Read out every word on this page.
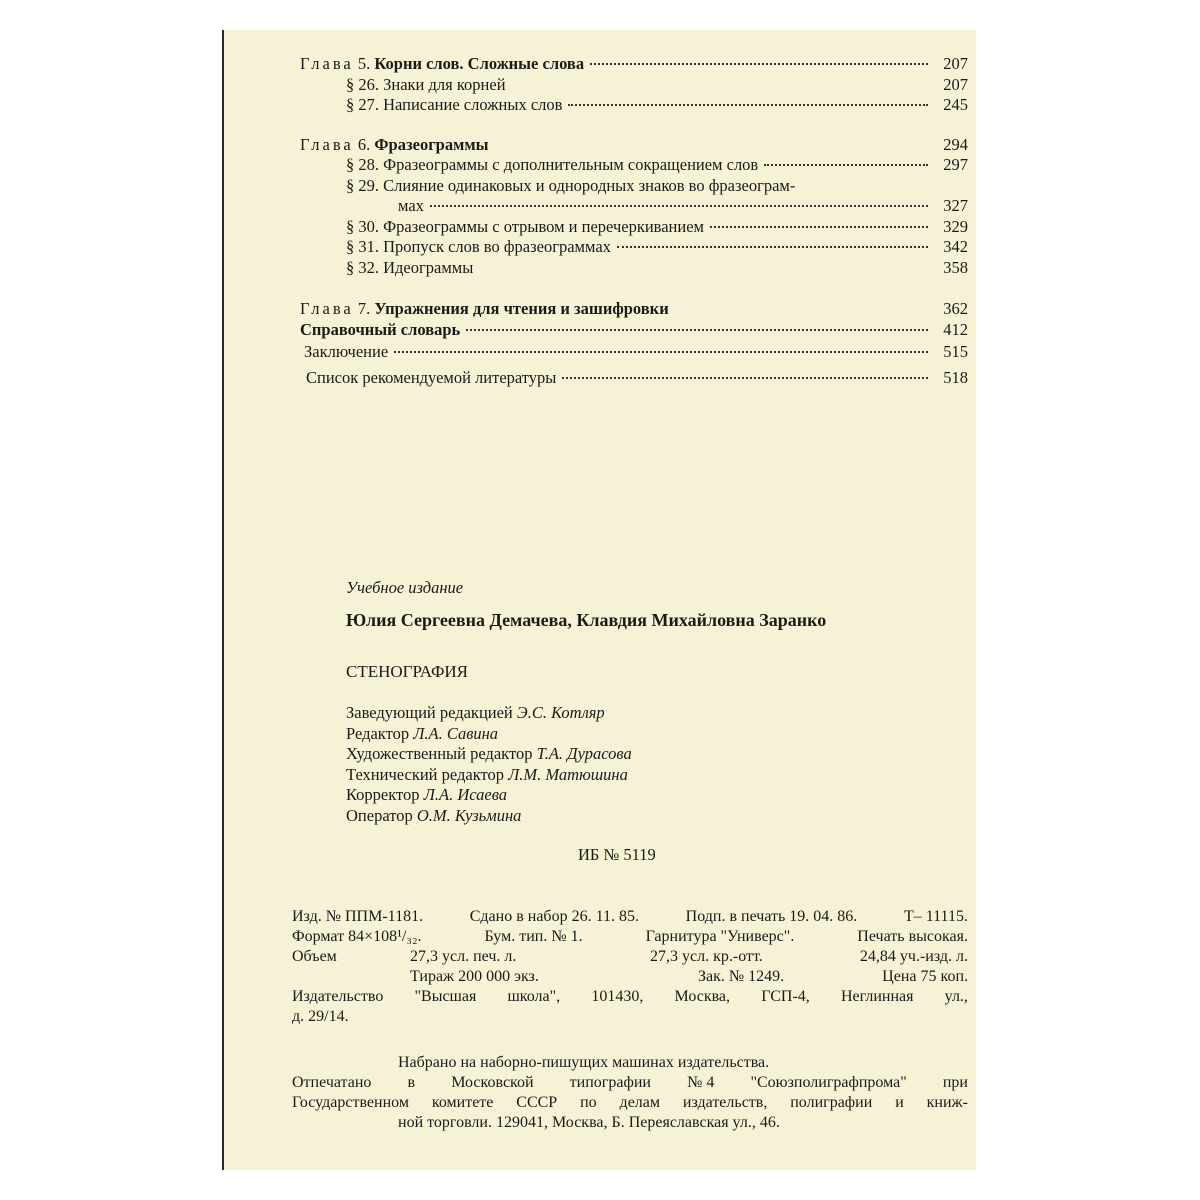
Глава 5. Корни слов. Сложные слова	207
§ 26. Знаки для корней	207
§ 27. Написание сложных слов	245
Глава 6. Фразеограммы	294
§ 28. Фразеограммы с дополнительным сокращением слов	297
§ 29. Слияние одинаковых и однородных знаков во фразеограм-
мах	327
§ 30. Фразеограммы с отрывом и перечеркиванием	329
§ 31. Пропуск слов во фразеограммах	342
§ 32. Идеограммы	358
Глава 7. Упражнения для чтения и зашифровки	362
Справочный словарь	412
Заключение	515
Список рекомендуемой литературы	518
Учебное издание
Юлия Сергеевна Демачева, Клавдия Михайловна Заранко
СТЕНОГРАФИЯ
Заведующий редакцией Э.С. Котляр
Редактор Л.А. Савина
Художественный редактор Т.А. Дурасова
Технический редактор Л.М. Матюшина
Корректор Л.А. Исаева
Оператор О.М. Кузьмина
ИБ № 5119
Изд. № ППМ-1181.	Сдано в набор 26. 11. 85.	Подп. в печать 19. 04. 86.	Т– 11115.
Формат 84×108¹/₃₂.	Бум. тип. № 1.	Гарнитура "Универс".	Печать высокая.
Объем	27,3 усл. печ. л.	27,3 усл. кр.-отт.	24,84 уч.-изд. л.
Тираж 200 000 экз.	Зак. № 1249.	Цена 75 коп.
Издательство "Высшая школа", 101430, Москва, ГСП-4, Неглинная ул.,
д. 29/14.
Набрано на наборно-пишущих машинах издательства.
Отпечатано в Московской типографии № 4 "Союзполиграфпрома" при
Государственном комитете СССР по делам издательств, полиграфии и книж-
ной торговли. 129041, Москва, Б. Переяславская ул., 46.
